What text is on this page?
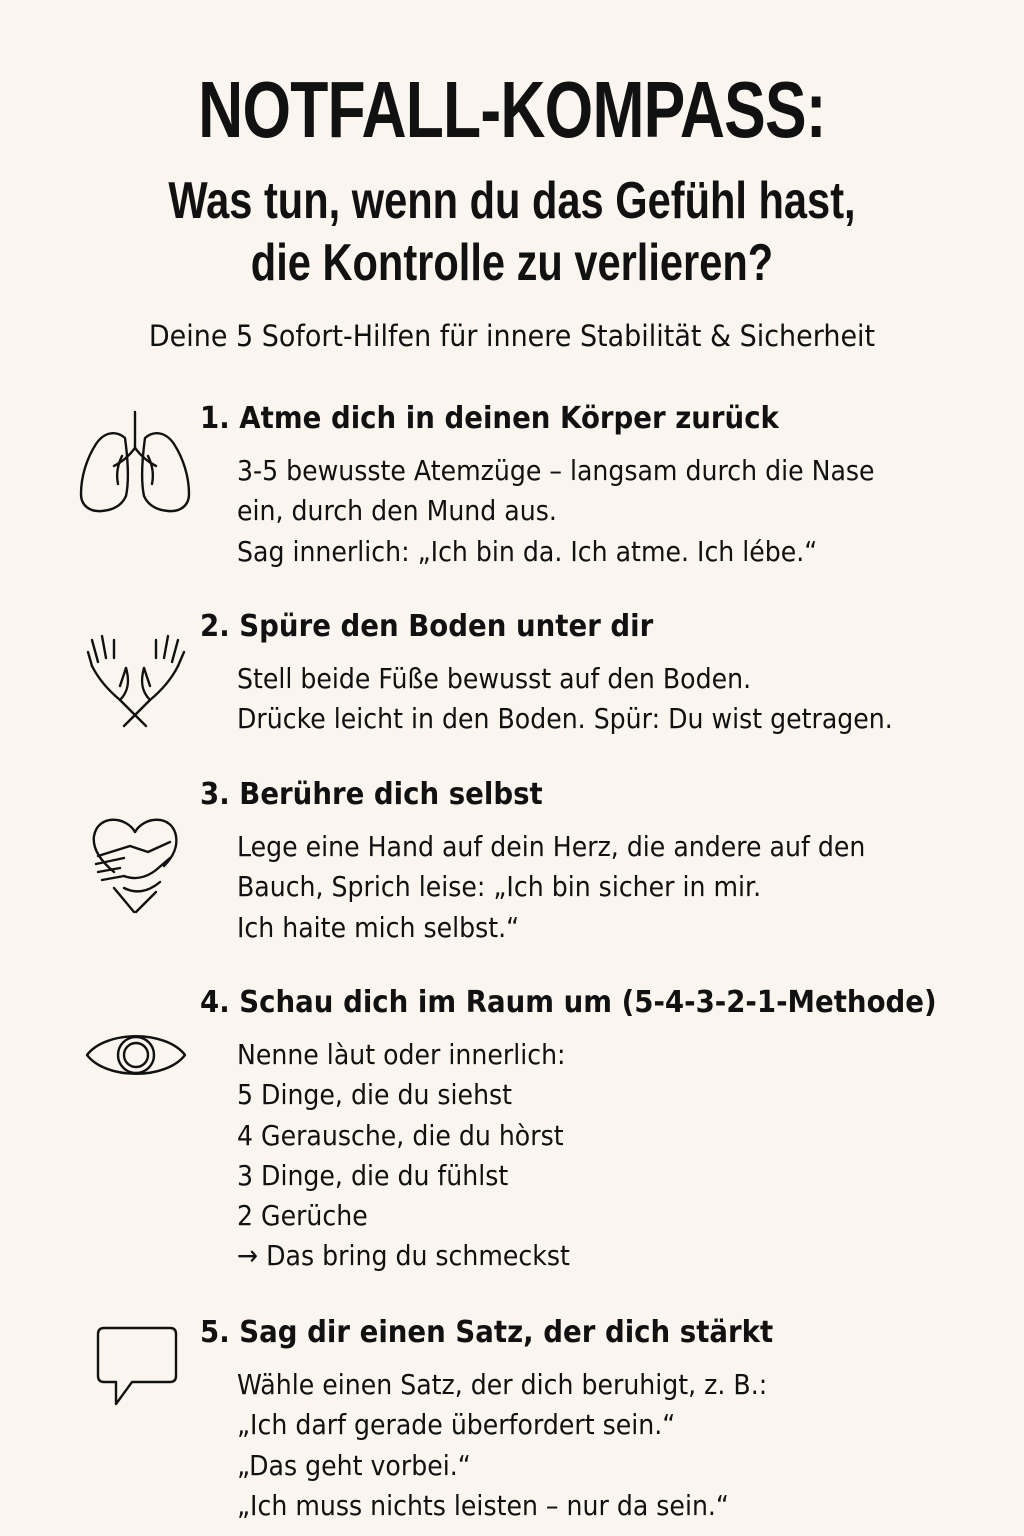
NOTFALL-KOMPASS:
Was tun, wenn du das Gefühl hast,
die Kontrolle zu verlieren?

Deine 5 Sofort-Hilfen für innere Stabilität & Sicherheit

1. Atme dich in deinen Körper zurück

3-5 bewusste Atemzüge – langsam durch die Nase
ein, durch den Mund aus.
Sag innerlich: „Ich bin da. Ich atme. Ich lébe.“

2. Spüre den Boden unter dir

Stell beide Füße bewusst auf den Boden.
Drücke leicht in den Boden. Spür: Du wist getragen.

3. Berühre dich selbst

Lege eine Hand auf dein Herz, die andere auf den
Bauch, Sprich leise: „Ich bin sicher in mir.
Ich haite mich selbst.“

4. Schau dich im Raum um (5-4-3-2-1-Methode)

Nenne làut oder innerlich:
5 Dinge, die du siehst
4 Gerausche, die du hòrst
3 Dinge, die du fühlst
2 Gerüche
→ Das bring du schmeckst

5. Sag dir einen Satz, der dich stärkt

Wähle einen Satz, der dich beruhigt, z. B.:
„Ich darf gerade überfordert sein.“
„Das geht vorbei.“
„Ich muss nichts leisten – nur da sein.“
